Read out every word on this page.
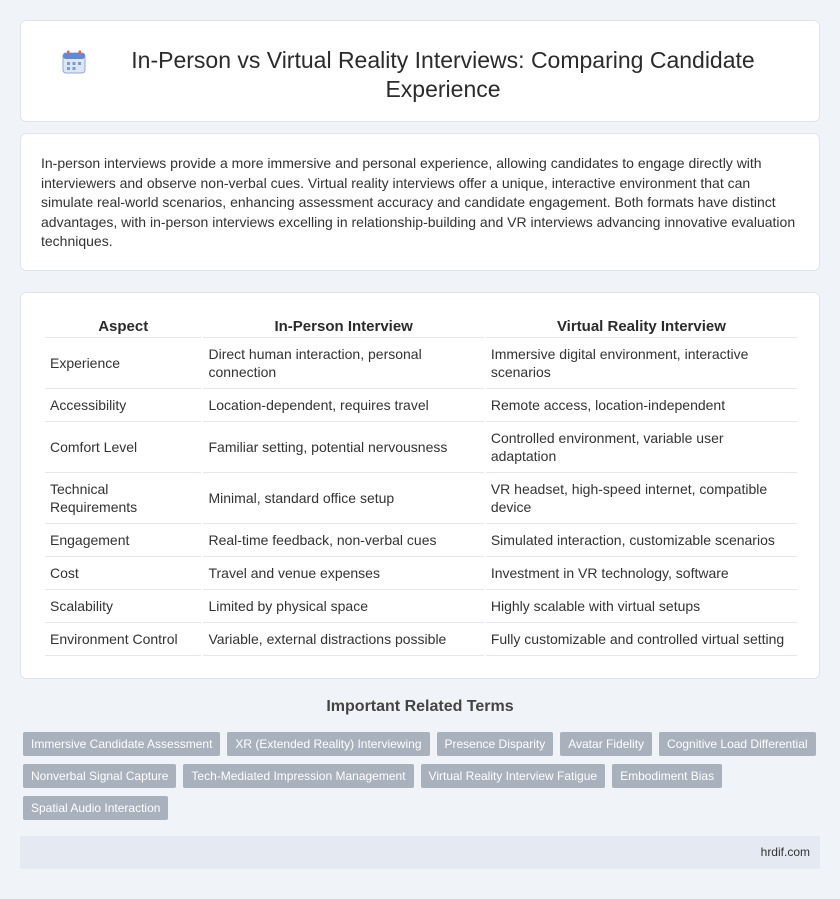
In-Person vs Virtual Reality Interviews: Comparing Candidate Experience

In-person interviews provide a more immersive and personal experience, allowing candidates to engage directly with interviewers and observe non-verbal cues. Virtual reality interviews offer a unique, interactive environment that can simulate real-world scenarios, enhancing assessment accuracy and candidate engagement. Both formats have distinct advantages, with in-person interviews excelling in relationship-building and VR interviews advancing innovative evaluation techniques.

Aspect	In-Person Interview	Virtual Reality Interview
Experience	Direct human interaction, personal connection	Immersive digital environment, interactive scenarios
Accessibility	Location-dependent, requires travel	Remote access, location-independent
Comfort Level	Familiar setting, potential nervousness	Controlled environment, variable user adaptation
Technical Requirements	Minimal, standard office setup	VR headset, high-speed internet, compatible device
Engagement	Real-time feedback, non-verbal cues	Simulated interaction, customizable scenarios
Cost	Travel and venue expenses	Investment in VR technology, software
Scalability	Limited by physical space	Highly scalable with virtual setups
Environment Control	Variable, external distractions possible	Fully customizable and controlled virtual setting
Important Related Terms
Immersive Candidate Assessment	XR (Extended Reality) Interviewing	Presence Disparity	Avatar Fidelity	Cognitive Load Differential
Nonverbal Signal Capture	Tech-Mediated Impression Management	Virtual Reality Interview Fatigue	Embodiment Bias
Spatial Audio Interaction
hrdif.com
